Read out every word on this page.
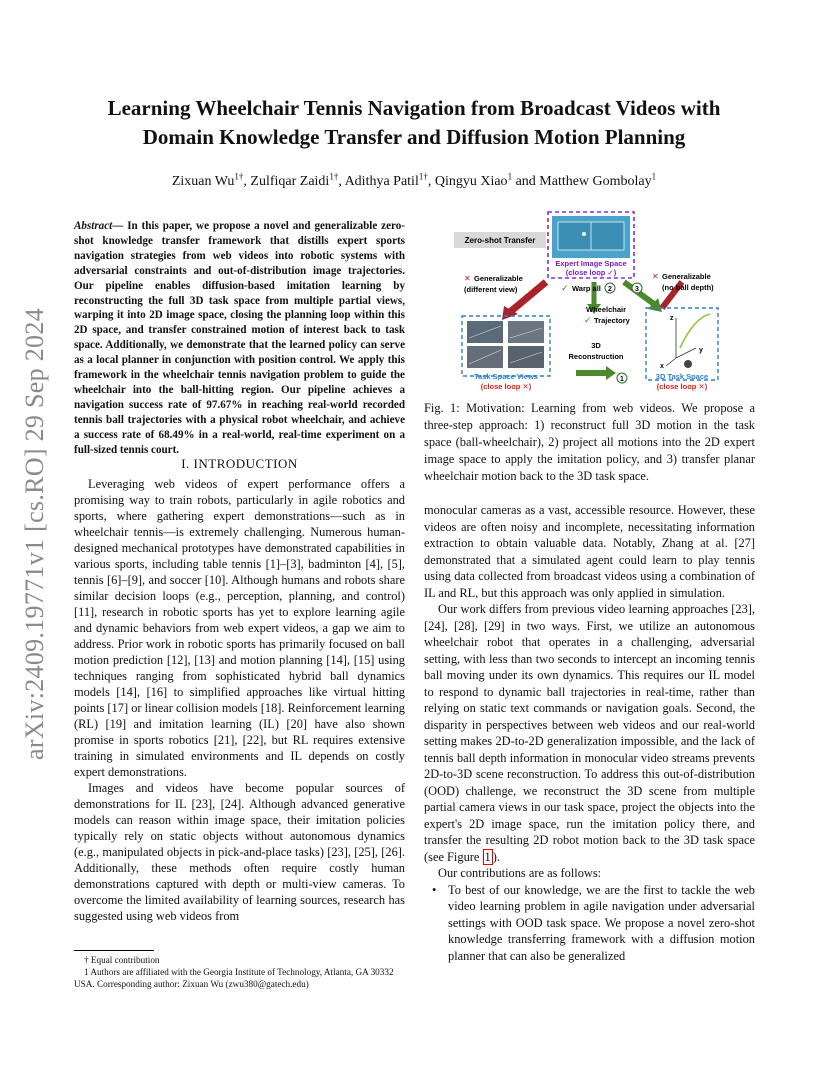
Learning Wheelchair Tennis Navigation from Broadcast Videos with
Domain Knowledge Transfer and Diffusion Motion Planning
Zixuan $Wu^{1\dagger}$, Zulfiqar Zaidi$^{1\dagger}$, Adithya Patil$^{1\dagger}$, Qingyu Xiao$^1$ and Matthew Gombolay$^1$
arXiv:2409.19771v1 [cs.RO] 29 Sep 2024
Abstract— In this paper, we propose a novel and generalizable zero-shot knowledge transfer framework that distills expert sports navigation strategies from web videos into robotic systems with adversarial constraints and out-of-distribution image trajectories. Our pipeline enables diffusion-based imitation learning by reconstructing the full 3D task space from multiple partial views, warping it into 2D image space, closing the planning loop within this 2D space, and transfer constrained motion of interest back to task space. Additionally, we demonstrate that the learned policy can serve as a local planner in conjunction with position control. We apply this framework in the wheelchair tennis navigation problem to guide the wheelchair into the ball-hitting region. Our pipeline achieves a navigation success rate of 97.67% in reaching real-world recorded tennis ball trajectories with a physical robot wheelchair, and achieve a success rate of 68.49% in a real-world, real-time experiment on a full-sized tennis court.
I. INTRODUCTION

Leveraging web videos of expert performance offers a promising way to train robots, particularly in agile robotics and sports, where gathering expert demonstrations—such as in wheelchair tennis—is extremely challenging. Numerous human-designed mechanical prototypes have demonstrated capabilities in various sports, including table tennis [1]–[3], badminton [4], [5], tennis [6]–[9], and soccer [10]. Although humans and robots share similar decision loops (e.g., perception, planning, and control) [11], research in robotic sports has yet to explore learning agile and dynamic behaviors from web expert videos, a gap we aim to address. Prior work in robotic sports has primarily focused on ball motion prediction [12], [13] and motion planning [14], [15] using techniques ranging from sophisticated hybrid ball dynamics models [14], [16] to simplified approaches like virtual hitting points [17] or linear collision models [18]. Reinforcement learning (RL) [19] and imitation learning (IL) [20] have also shown promise in sports robotics [21], [22], but RL requires extensive training in simulated environments and IL depends on costly expert demonstrations.

Images and videos have become popular sources of demonstrations for IL [23], [24]. Although advanced generative models can reason within image space, their imitation policies typically rely on static objects without autonomous dynamics (e.g., manipulated objects in pick-and-place tasks) [23], [25], [26]. Additionally, these methods often require costly human demonstrations captured with depth or multi-view cameras. To overcome the limited availability of learning sources, research has suggested using web videos from

† Equal contribution
1 Authors are affiliated with the Georgia Institute of Technology, Atlanta, GA 30332 USA. Corresponding author: Zixuan Wu (zwu380@gatech.edu)
Zero-shot Transfer
Expert Image Space
(close loop ✓)
✕ Generalizable
(different view)
✕ Generalizable
(no ball depth)
✓ Warp all 2	3
Wheelchair
✓ Trajectory
3D
Reconstruction
1
Task Space Views
(close loop ✕)
z
y
x
3D Task Space
(close loop ✕)
Fig. 1: Motivation: Learning from web videos. We propose a three-step approach: 1) reconstruct full 3D motion in the task space (ball-wheelchair), 2) project all motions into the 2D expert image space to apply the imitation policy, and 3) transfer planar wheelchair motion back to the 3D task space.

monocular cameras as a vast, accessible resource. However, these videos are often noisy and incomplete, necessitating information extraction to obtain valuable data. Notably, Zhang at al. [27] demonstrated that a simulated agent could learn to play tennis using data collected from broadcast videos using a combination of IL and RL, but this approach was only applied in simulation.

Our work differs from previous video learning approaches [23], [24], [28], [29] in two ways. First, we utilize an autonomous wheelchair robot that operates in a challenging, adversarial setting, with less than two seconds to intercept an incoming tennis ball moving under its own dynamics. This requires our IL model to respond to dynamic ball trajectories in real-time, rather than relying on static text commands or navigation goals. Second, the disparity in perspectives between web videos and our real-world setting makes 2D-to-2D generalization impossible, and the lack of tennis ball depth information in monocular video streams prevents 2D-to-3D scene reconstruction. To address this out-of-distribution (OOD) challenge, we reconstruct the 3D scene from multiple partial camera views in our task space, project the objects into the expert's 2D image space, run the imitation policy there, and transfer the resulting 2D robot motion back to the 3D task space (see Figure 1 ).

Our contributions are as follows:

• To best of our knowledge, we are the first to tackle the web video learning problem in agile navigation under adversarial settings with OOD task space. We propose a novel zero-shot knowledge transferring framework with a diffusion motion planner that can also be generalized
